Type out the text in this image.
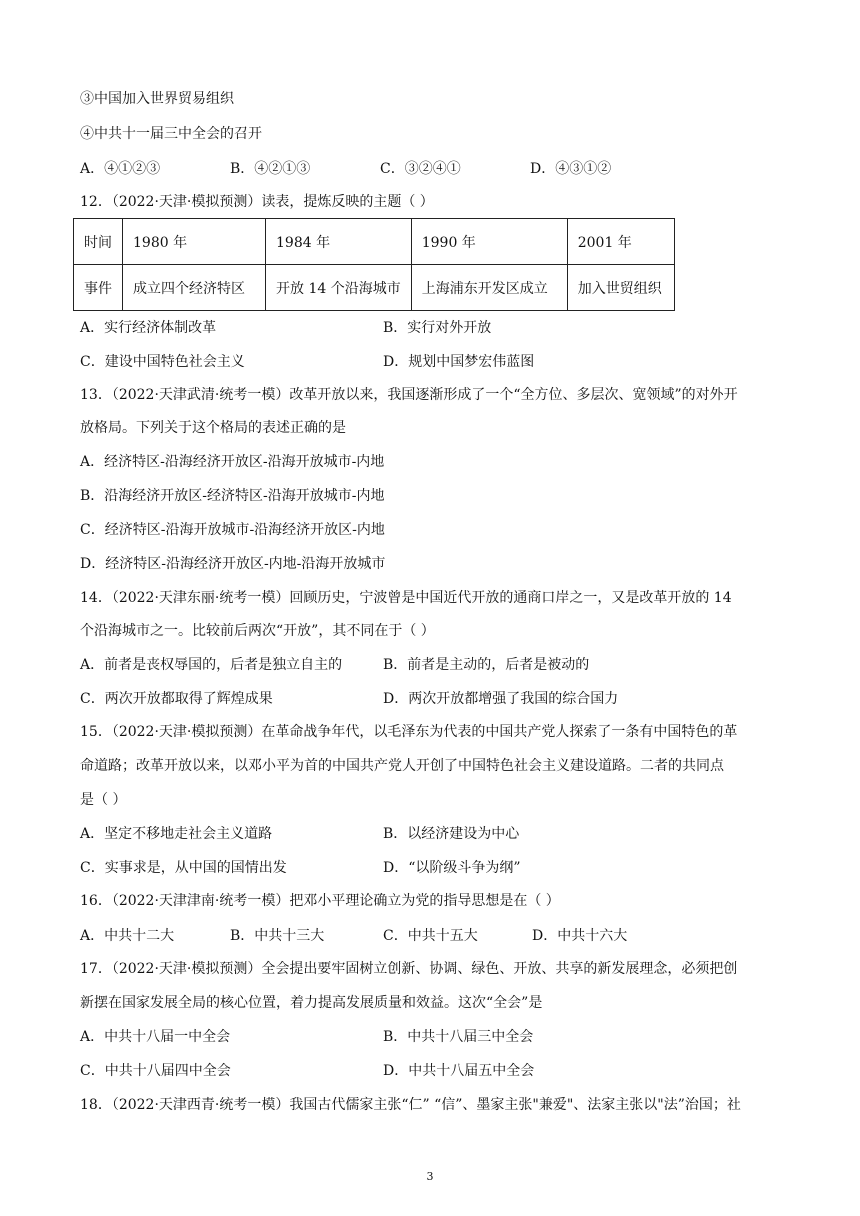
③中国加入世界贸易组织
④中共十一届三中全会的召开
A．④①②③	B．④②①③	C．③②④①	D．④③①②
12．（2022·天津·模拟预测）读表，提炼反映的主题（ ）
时间	1980 年	1984 年	1990 年	2001 年
事件	成立四个经济特区	开放 14 个沿海城市	上海浦东开发区成立	加入世贸组织
A．实行经济体制改革	B．实行对外开放
C．建设中国特色社会主义	D．规划中国梦宏伟蓝图
13．（2022·天津武清·统考一模）改革开放以来，我国逐渐形成了一个“全方位、多层次、宽领域”的对外开
放格局。下列关于这个格局的表述正确的是
A．经济特区-沿海经济开放区-沿海开放城市-内地
B．沿海经济开放区-经济特区-沿海开放城市-内地
C．经济特区-沿海开放城市-沿海经济开放区-内地
D．经济特区-沿海经济开放区-内地-沿海开放城市
14．（2022·天津东丽·统考一模）回顾历史，宁波曾是中国近代开放的通商口岸之一，又是改革开放的 14
个沿海城市之一。比较前后两次“开放”，其不同在于（ ）
A．前者是丧权辱国的，后者是独立自主的	B．前者是主动的，后者是被动的
C．两次开放都取得了辉煌成果	D．两次开放都增强了我国的综合国力
15．（2022·天津·模拟预测）在革命战争年代，以毛泽东为代表的中国共产党人探索了一条有中国特色的革
命道路；改革开放以来，以邓小平为首的中国共产党人开创了中国特色社会主义建设道路。二者的共同点
是（ ）
A．坚定不移地走社会主义道路	B．以经济建设为中心
C．实事求是，从中国的国情出发	D．“以阶级斗争为纲”
16．（2022·天津津南·统考一模）把邓小平理论确立为党的指导思想是在（ ）
A．中共十二大	B．中共十三大	C．中共十五大	D．中共十六大
17．（2022·天津·模拟预测）全会提出要牢固树立创新、协调、绿色、开放、共享的新发展理念，必须把创
新摆在国家发展全局的核心位置，着力提高发展质量和效益。这次“全会”是
A．中共十八届一中全会	B．中共十八届三中全会
C．中共十八届四中全会	D．中共十八届五中全会
18．（2022·天津西青·统考一模）我国古代儒家主张“仁” “信”、墨家主张"兼爱"、法家主张以"法”治国；社
3
